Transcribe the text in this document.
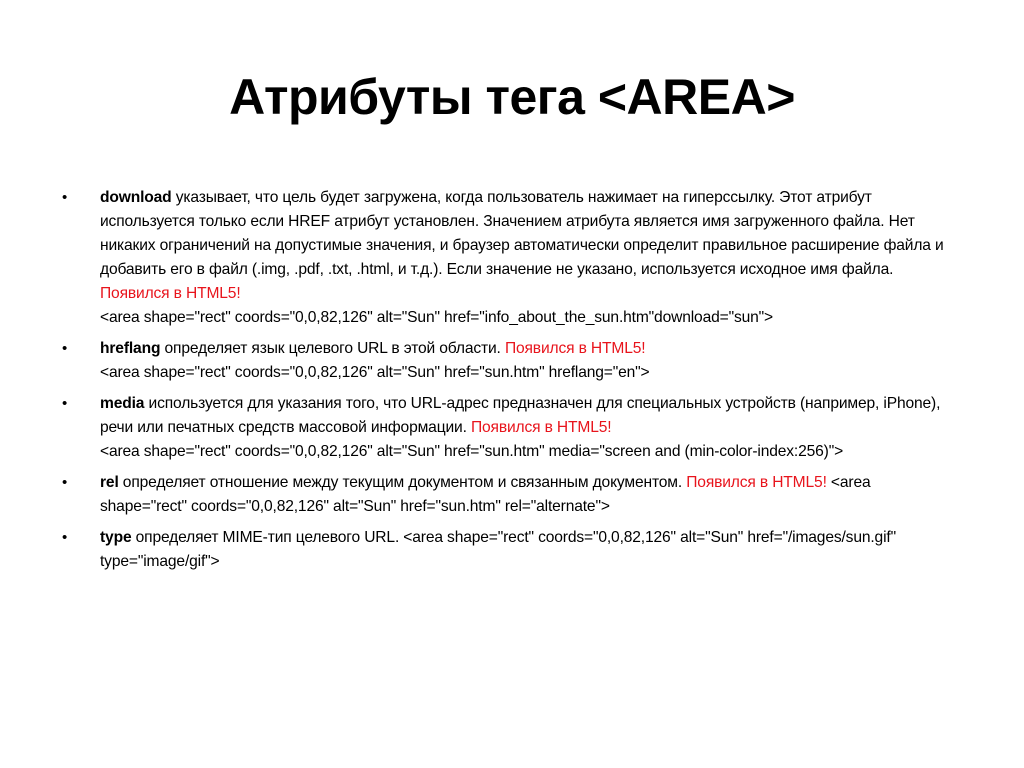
Атрибуты тега <AREA>
• download указывает, что цель будет загружена, когда пользователь нажимает на гиперссылку. Этот атрибут используется только если HREF атрибут установлен. Значением атрибута является имя загруженного файла. Нет никаких ограничений на допустимые значения, и браузер автоматически определит правильное расширение файла и добавить его в файл (.img, .pdf, .txt, .html, и т.д.). Если значение не указано, используется исходное имя файла. Появился в HTML5!
<area shape="rect" coords="0,0,82,126" alt="Sun" href="info_about_the_sun.htm"download="sun">
• hreflang определяет язык целевого URL в этой области. Появился в HTML5!
<area shape="rect" coords="0,0,82,126" alt="Sun" href="sun.htm" hreflang="en">
• media используется для указания того, что URL-адрес предназначен для специальных устройств (например, iPhone), речи или печатных средств массовой информации. Появился в HTML5!
<area shape="rect" coords="0,0,82,126" alt="Sun" href="sun.htm" media="screen and (min-color-index:256)">
• rel определяет отношение между текущим документом и связанным документом. Появился в HTML5! <area shape="rect" coords="0,0,82,126" alt="Sun" href="sun.htm" rel="alternate">
• type определяет MIME-тип целевого URL. <area shape="rect" coords="0,0,82,126" alt="Sun" href="/images/sun.gif" type="image/gif">
